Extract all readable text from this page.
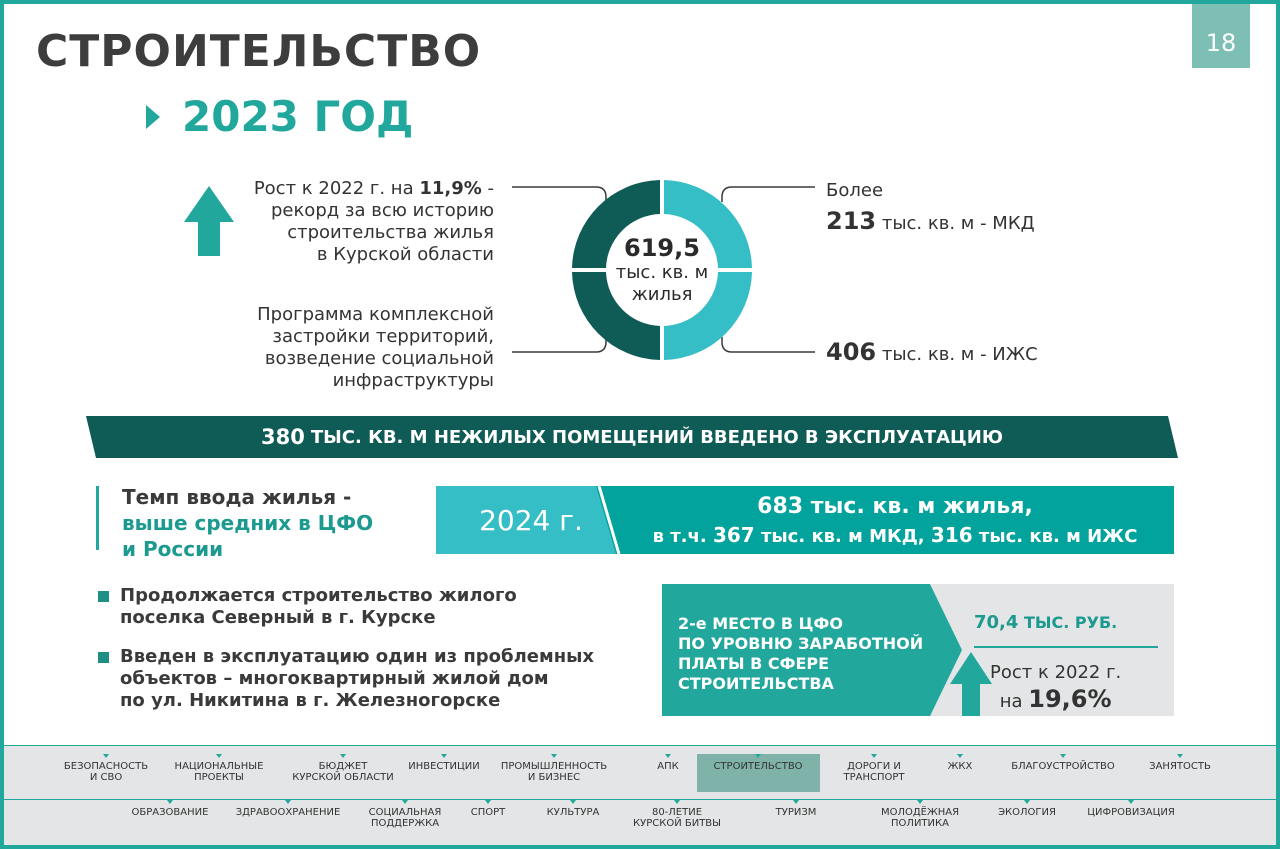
СТРОИТЕЛЬСТВО	18
2023 ГОД
Рост к 2022 г. на 11,9% -
рекорд за всю историю
строительства жилья
в Курской области
Программа комплексной
застройки территорий,
возведение социальной
инфраструктуры
619,5
тыс. кв. м
жилья
Более
213 тыс. кв. м - МКД
406 тыс. кв. м - ИЖС
380 ТЫС. КВ. М НЕЖИЛЫХ ПОМЕЩЕНИЙ ВВЕДЕНО В ЭКСПЛУАТАЦИЮ
Темп ввода жилья -
выше средних в ЦФО
и России
2024 г.	683 тыс. кв. м жилья,
в т.ч. 367 тыс. кв. м МКД, 316 тыс. кв. м ИЖС
Продолжается строительство жилого
поселка Северный в г. Курске
Введен в эксплуатацию один из проблемных
объектов – многоквартирный жилой дом
по ул. Никитина в г. Железногорске
2-е МЕСТО В ЦФО
ПО УРОВНЮ ЗАРАБОТНОЙ
ПЛАТЫ В СФЕРЕ
СТРОИТЕЛЬСТВА
70,4 ТЫС. РУБ.
Рост к 2022 г.
на 19,6%
БЕЗОПАСНОСТЬ
И СВО
НАЦИОНАЛЬНЫЕ
ПРОЕКТЫ
БЮДЖЕТ
КУРСКОЙ ОБЛАСТИ
ИНВЕСТИЦИИ ПРОМЫШЛЕННОСТЬ
И БИЗНЕС
АПК	СТРОИТЕЛЬСТВО	ДОРОГИ И
ТРАНСПОРТ
ЖКХ	БЛАГОУСТРОЙСТВО	ЗАНЯТОСТЬ
ОБРАЗОВАНИЕ	ЗДРАВООХРАНЕНИЕ	СОЦИАЛЬНАЯ
ПОДДЕРЖКА
СПОРТ	КУЛЬТУРА	80-ЛЕТИЕ
КУРСКОЙ БИТВЫ
ТУРИЗМ	МОЛОДЁЖНАЯ
ПОЛИТИКА
ЭКОЛОГИЯ	ЦИФРОВИЗАЦИЯ
